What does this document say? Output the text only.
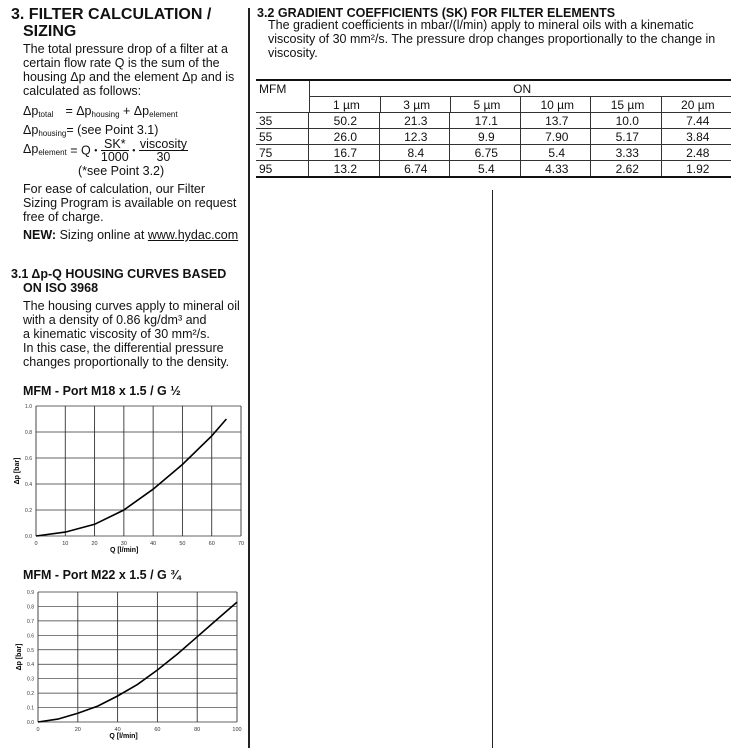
3. FILTER CALCULATION /
SIZING
The total pressure drop of a filter at a
certain flow rate Q is the sum of the
housing Δp and the element Δp and is
calculated as follows:
$\Delta p_{total} = \Delta p_{housing} + \Delta p_{element}$
$\Delta p_{housing}= (see$ Point 3.1)
$\Delta p_{element} = Q$ • $\frac{SK*}{1000}$ • $\frac{\text{viscosity}}{30}$
(*see Point 3.2)
For ease of calculation, our Filter
Sizing Program is available on request
free of charge.
NEW: Sizing online at www.hydac.com
3.1 Δp-Q HOUSING CURVES BASED
ON ISO 3968
The housing curves apply to mineral oil
with a density of 0.86 kg/dm³ and
a kinematic viscosity of 30 mm²/s.
In this case, the differential pressure
changes proportionally to the density.
MFM - Port M18 x 1.5 / G ½
0.0
0.2
0.4
0.6
0.8
1.0
0	10	20	30	40	50	60	70
Q [l/min]
Δp [bar]
MFM - Port M22 x 1.5 / G ¾
0.0
0.1
0.2
0.3
0.4
0.5
0.6
0.7
0.8
0.9
0	20	40	60	80	100
Q [l/min]
Δp [bar]
3.2 GRADIENT COEFFICIENTS (SK) FOR FILTER ELEMENTS
The gradient coefficients in mbar/(l/min) apply to mineral oils with a kinematic
viscosity of 30 mm²/s. The pressure drop changes proportionally to the change in
viscosity.
MFM	ON					
	1 µm	3 µm	5 µm	10 µm	15 µm	20 µm
35	50.2	21.3	17.1	13.7	10.0	7.44
55	26.0	12.3	9.9	7.90	5.17	3.84
75	16.7	8.4	6.75	5.4	3.33	2.48
95	13.2	6.74	5.4	4.33	2.62	1.92
